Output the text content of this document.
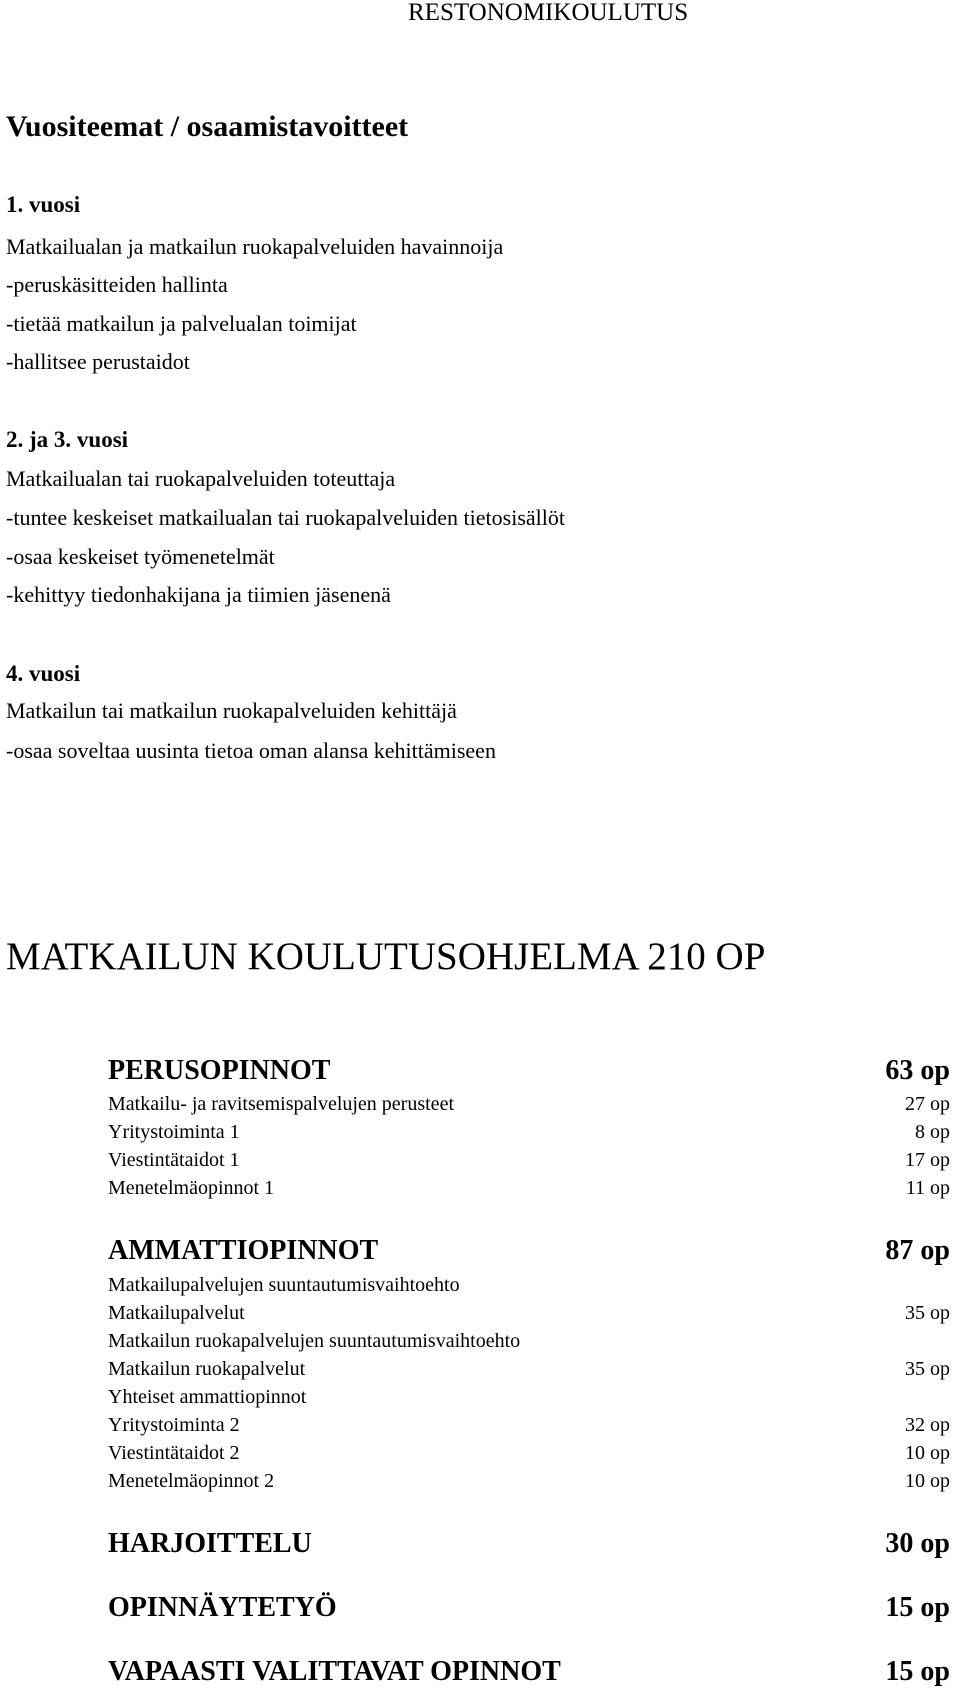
RESTONOMIKOULUTUS
Vuositeemat / osaamistavoitteet
1. vuosi
Matkailualan ja matkailun ruokapalveluiden havainnoija
-peruskäsitteiden hallinta
-tietää matkailun ja palvelualan toimijat
-hallitsee perustaidot
2. ja 3. vuosi
Matkailualan tai ruokapalveluiden toteuttaja
-tuntee keskeiset matkailualan tai ruokapalveluiden tietosisällöt
-osaa keskeiset työmenetelmät
-kehittyy tiedonhakijana ja tiimien jäsenenä
4. vuosi
Matkailun tai matkailun ruokapalveluiden kehittäjä
-osaa soveltaa uusinta tietoa oman alansa kehittämiseen
MATKAILUN KOULUTUSOHJELMA 210 OP
PERUSOPINNOT	63 op
Matkailu- ja ravitsemispalvelujen perusteet	27 op
Yritystoiminta 1	8 op
Viestintätaidot 1	17 op
Menetelmäopinnot 1	11 op
AMMATTIOPINNOT	87 op
Matkailupalvelujen suuntautumisvaihtoehto
Matkailupalvelut	35 op
Matkailun ruokapalvelujen suuntautumisvaihtoehto
Matkailun ruokapalvelut	35 op
Yhteiset ammattiopinnot
Yritystoiminta 2	32 op
Viestintätaidot 2	10 op
Menetelmäopinnot 2	10 op
HARJOITTELU	30 op
OPINNÄYTETYÖ	15 op
VAPAASTI VALITTAVAT OPINNOT	15 op
